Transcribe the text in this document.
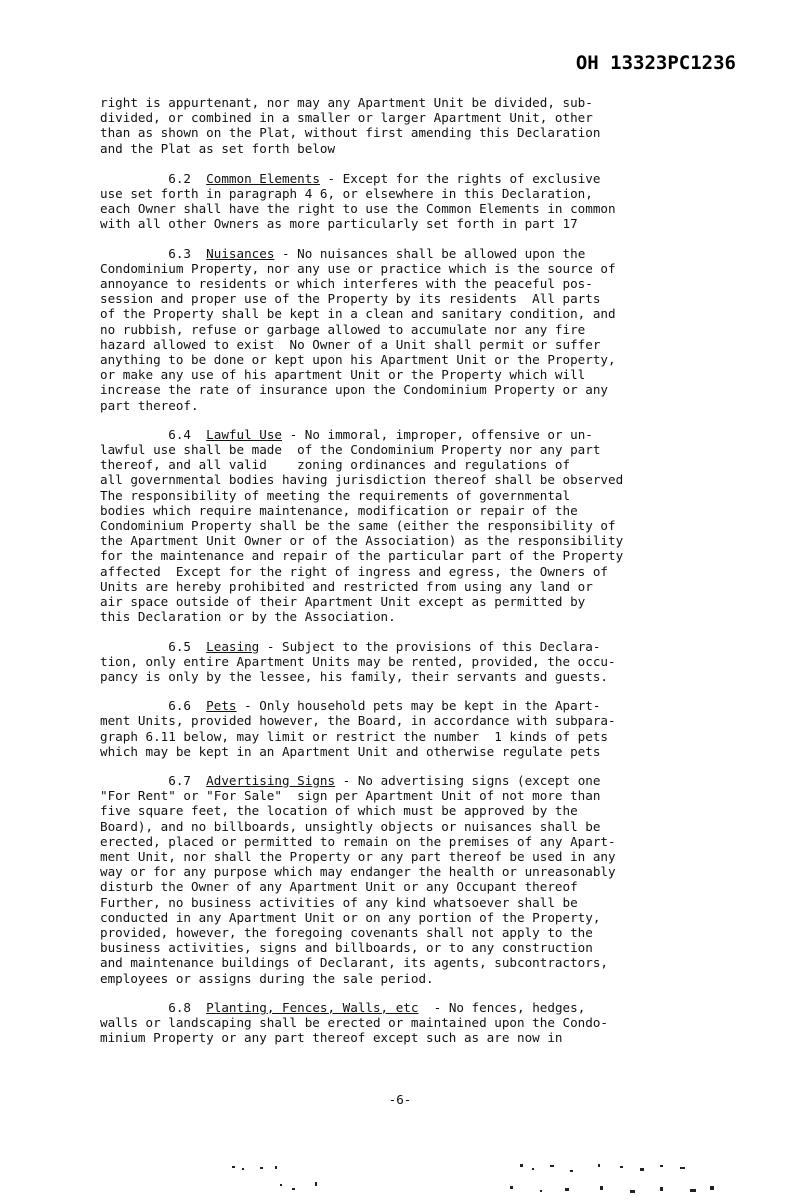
OH 13323PC1236
right is appurtenant, nor may any Apartment Unit be divided, sub-
divided, or combined in a smaller or larger Apartment Unit, other
than as shown on the Plat, without first amending this Declaration
and the Plat as set forth below
6.2 Common Elements - Except for the rights of exclusive
use set forth in paragraph 4 6, or elsewhere in this Declaration,
each Owner shall have the right to use the Common Elements in common
with all other Owners as more particularly set forth in part 17
6.3 Nuisances - No nuisances shall be allowed upon the
Condominium Property, nor any use or practice which is the source of
annoyance to residents or which interferes with the peaceful pos-
session and proper use of the Property by its residents  All parts
of the Property shall be kept in a clean and sanitary condition, and
no rubbish, refuse or garbage allowed to accumulate nor any fire
hazard allowed to exist  No Owner of a Unit shall permit or suffer
anything to be done or kept upon his Apartment Unit or the Property,
or make any use of his apartment Unit or the Property which will
increase the rate of insurance upon the Condominium Property or any
part thereof.
6.4 Lawful Use - No immoral, improper, offensive or un-
lawful use shall be made  of the Condominium Property nor any part
thereof, and all valid    zoning ordinances and regulations of
all governmental bodies having jurisdiction thereof shall be observed
The responsibility of meeting the requirements of governmental
bodies which require maintenance, modification or repair of the
Condominium Property shall be the same (either the responsibility of
the Apartment Unit Owner or of the Association) as the responsibility
for the maintenance and repair of the particular part of the Property
affected  Except for the right of ingress and egress, the Owners of
Units are hereby prohibited and restricted from using any land or
air space outside of their Apartment Unit except as permitted by
this Declaration or by the Association.
6.5 Leasing - Subject to the provisions of this Declara-
tion, only entire Apartment Units may be rented, provided, the occu-
pancy is only by the lessee, his family, their servants and guests.
6.6 Pets - Only household pets may be kept in the Apart-
ment Units, provided however, the Board, in accordance with subpara-
graph 6.11 below, may limit or restrict the number  1 kinds of pets
which may be kept in an Apartment Unit and otherwise regulate pets
6.7 Advertising Signs - No advertising signs (except one
"For Rent" or "For Sale"  sign per Apartment Unit of not more than
five square feet, the location of which must be approved by the
Board), and no billboards, unsightly objects or nuisances shall be
erected, placed or permitted to remain on the premises of any Apart-
ment Unit, nor shall the Property or any part thereof be used in any
way or for any purpose which may endanger the health or unreasonably
disturb the Owner of any Apartment Unit or any Occupant thereof
Further, no business activities of any kind whatsoever shall be
conducted in any Apartment Unit or on any portion of the Property,
provided, however, the foregoing covenants shall not apply to the
business activities, signs and billboards, or to any construction
and maintenance buildings of Declarant, its agents, subcontractors,
employees or assigns during the sale period.
6.8 Planting, Fences, Walls, etc  - No fences, hedges,
walls or landscaping shall be erected or maintained upon the Condo-
minium Property or any part thereof except such as are now in
-6-
